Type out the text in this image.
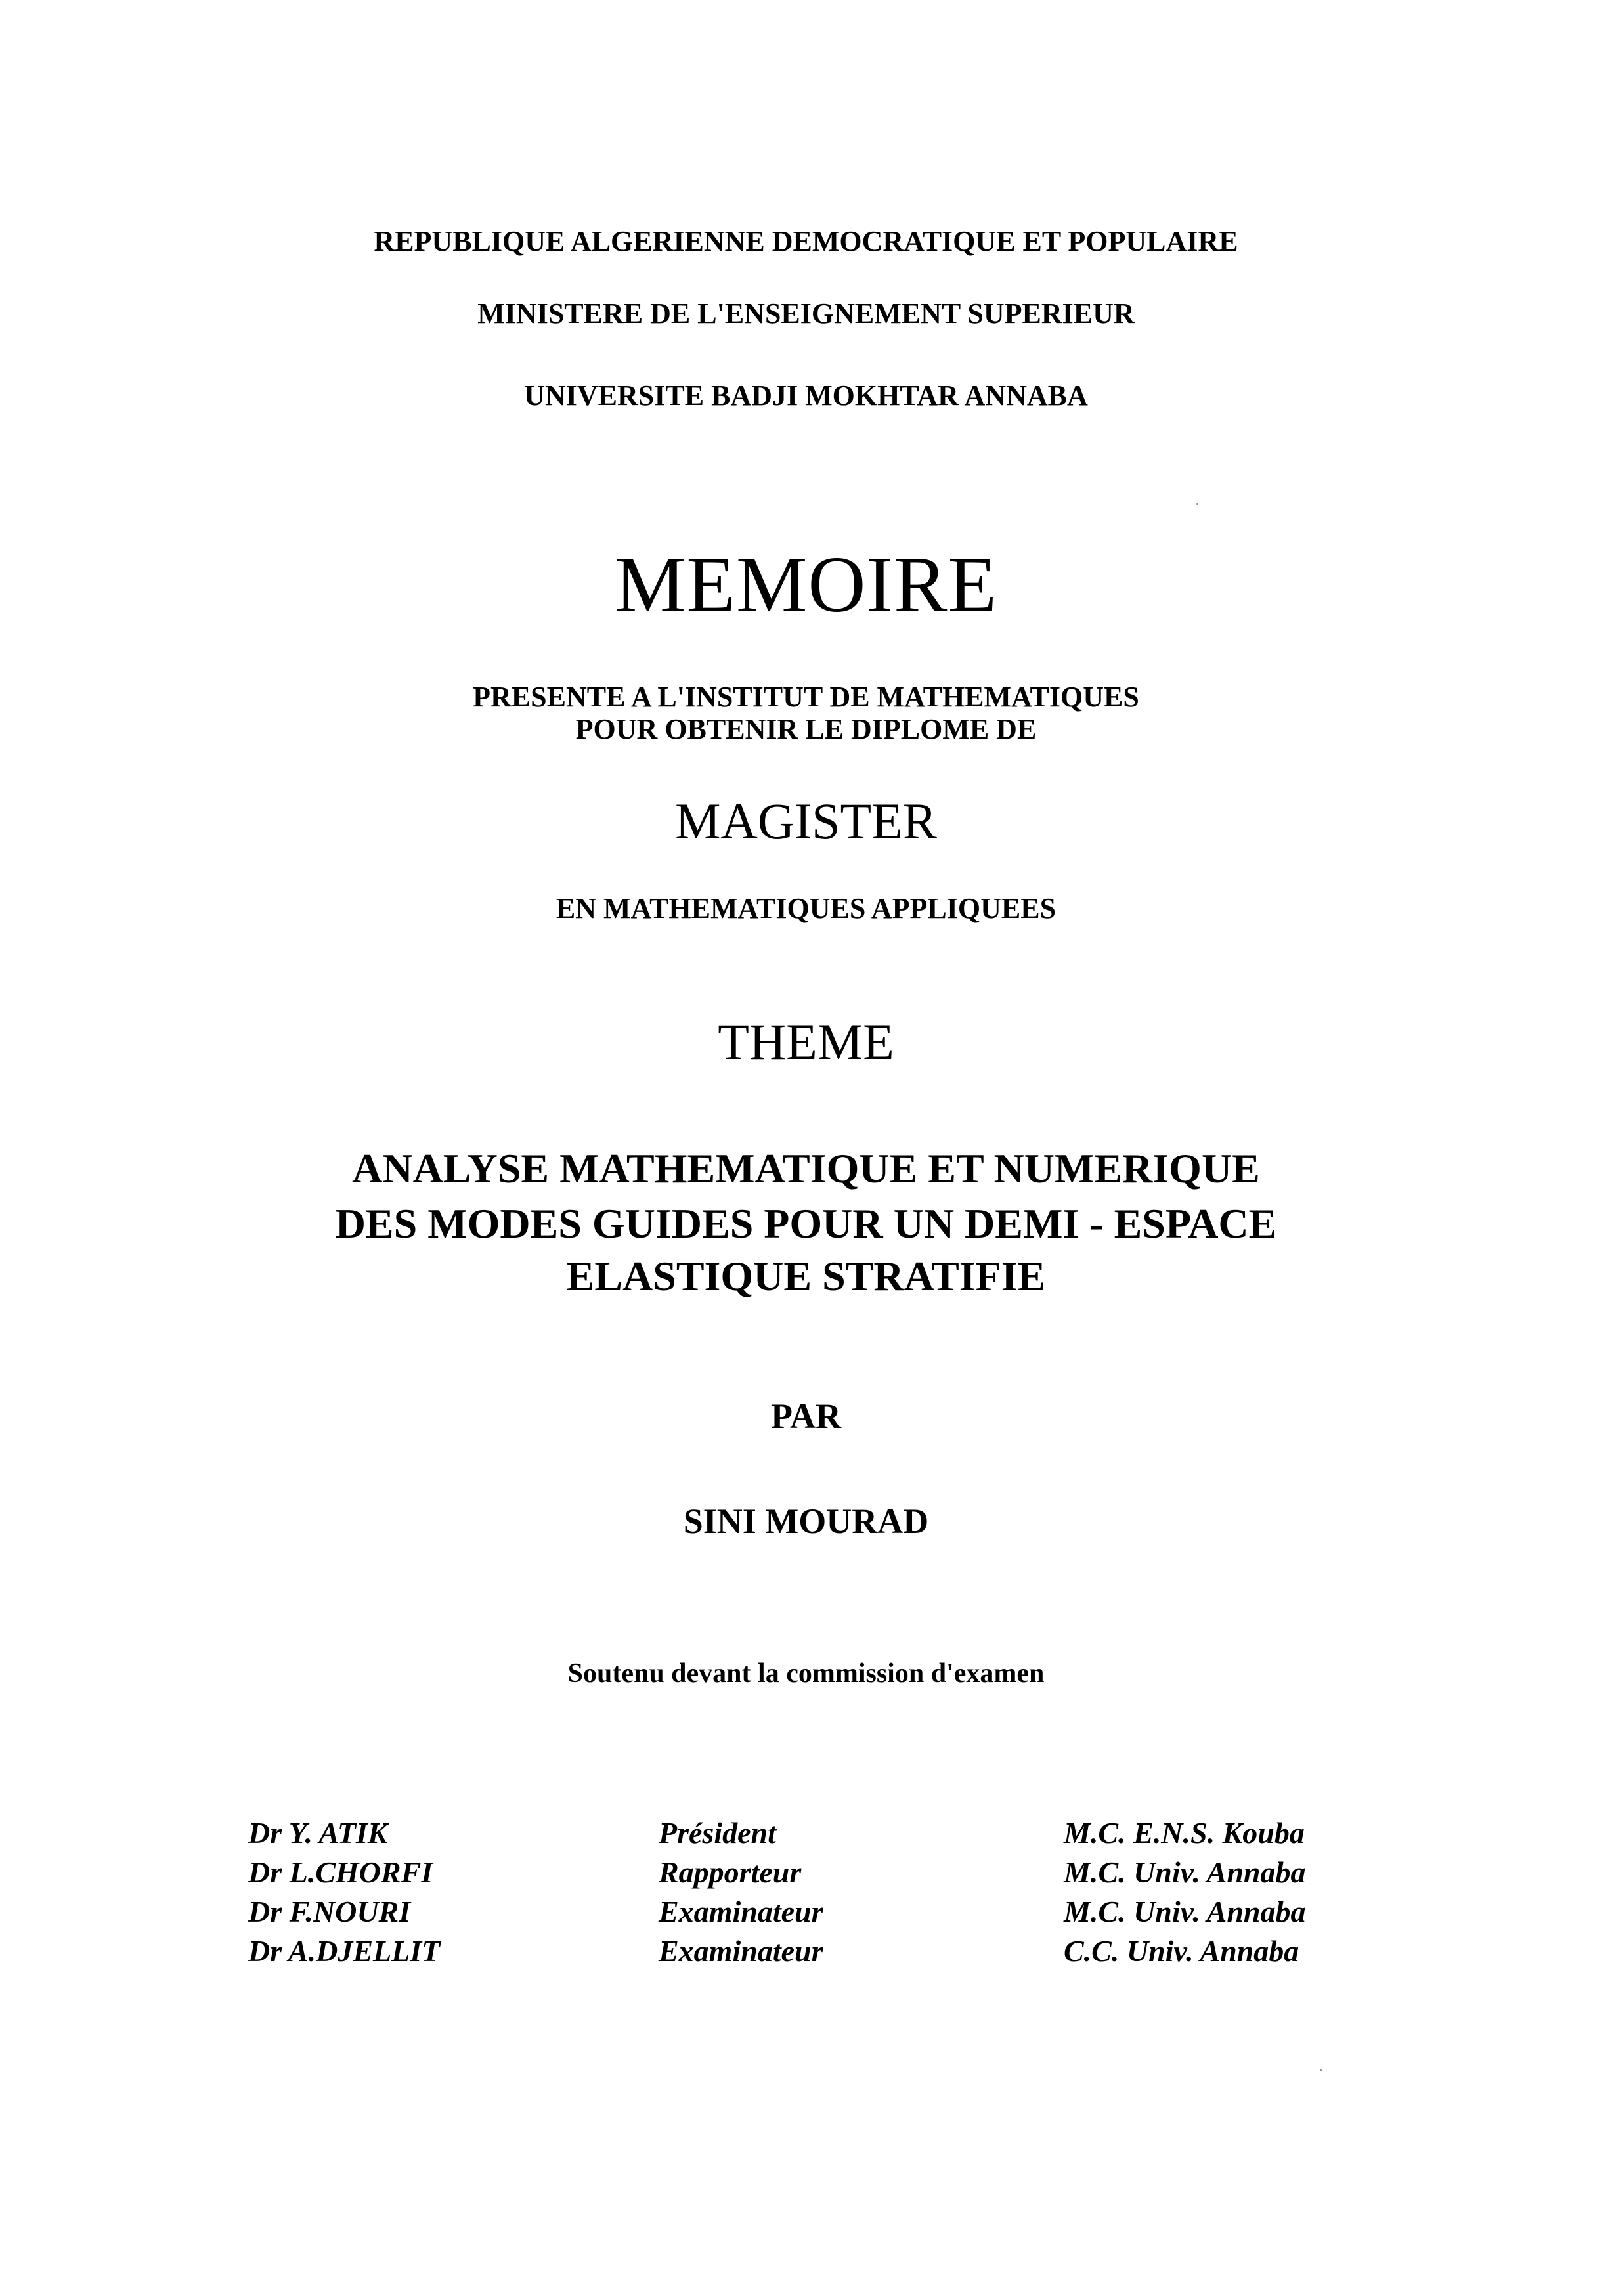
REPUBLIQUE ALGERIENNE DEMOCRATIQUE ET POPULAIRE

MINISTERE DE L'ENSEIGNEMENT SUPERIEUR

UNIVERSITE BADJI MOKHTAR ANNABA

MEMOIRE

PRESENTE A L'INSTITUT DE MATHEMATIQUES

POUR OBTENIR LE DIPLOME DE

MAGISTER

EN MATHEMATIQUES APPLIQUEES

THEME

ANALYSE MATHEMATIQUE ET NUMERIQUE

DES MODES GUIDES POUR UN DEMI - ESPACE

ELASTIQUE STRATIFIE

PAR

SINI MOURAD

Soutenu devant la commission d'examen

Dr Y. ATIK	Président	M.C. E.N.S. Kouba
Dr L.CHORFI	Rapporteur	M.C. Univ. Annaba
Dr F.NOURI	Examinateur	M.C. Univ. Annaba
Dr A.DJELLIT	Examinateur	C.C. Univ. Annaba
